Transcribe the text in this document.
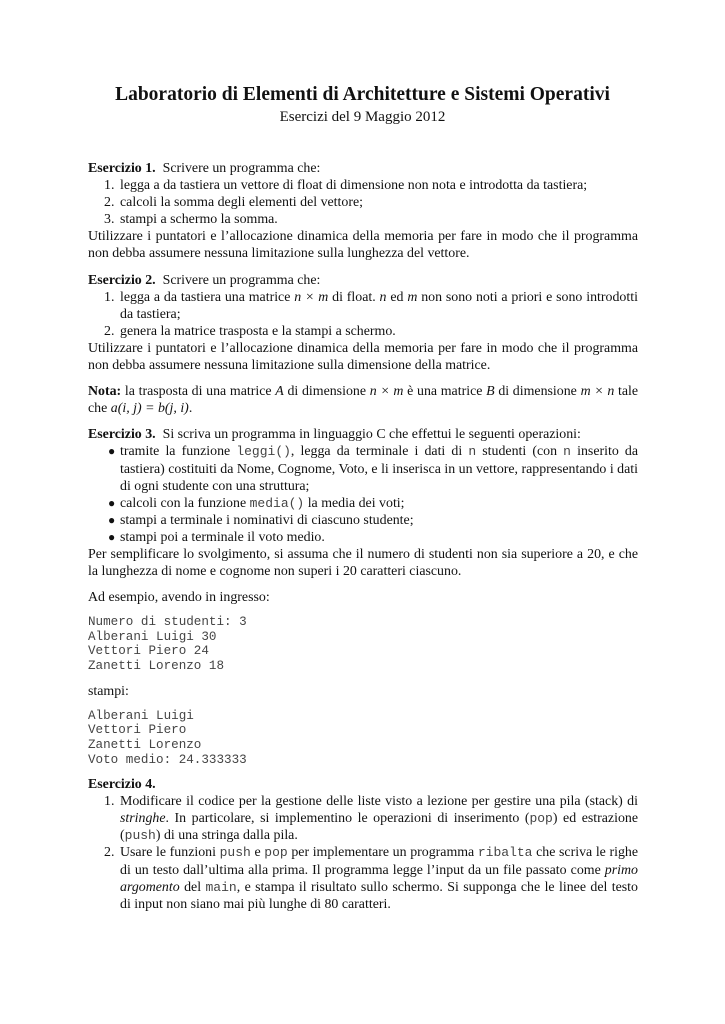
Laboratorio di Elementi di Architetture e Sistemi Operativi
Esercizi del 9 Maggio 2012
Esercizio 1. Scrivere un programma che:
1. legga a da tastiera un vettore di float di dimensione non nota e introdotta da tastiera;
2. calcoli la somma degli elementi del vettore;
3. stampi a schermo la somma.
Utilizzare i puntatori e l’allocazione dinamica della memoria per fare in modo che il programma non debba assumere nessuna limitazione sulla lunghezza del vettore.
Esercizio 2. Scrivere un programma che:
1. legga a da tastiera una matrice n × m di float. n ed m non sono noti a priori e sono introdotti da tastiera;
2. genera la matrice trasposta e la stampi a schermo.
Utilizzare i puntatori e l’allocazione dinamica della memoria per fare in modo che il programma non debba assumere nessuna limitazione sulla dimensione della matrice.
Nota: la trasposta di una matrice A di dimensione n × m è una matrice B di dimensione m × n tale che a(i, j) = b(j, i).
Esercizio 3. Si scriva un programma in linguaggio C che effettui le seguenti operazioni:
● tramite la funzione leggi(), legga da terminale i dati di n studenti (con n inserito da tastiera) costituiti da Nome, Cognome, Voto, e li inserisca in un vettore, rappresentando i dati di ogni studente con una struttura;
● calcoli con la funzione media() la media dei voti;
● stampi a terminale i nominativi di ciascuno studente;
● stampi poi a terminale il voto medio.
Per semplificare lo svolgimento, si assuma che il numero di studenti non sia superiore a 20, e che la lunghezza di nome e cognome non superi i 20 caratteri ciascuno.
Ad esempio, avendo in ingresso:
Numero di studenti: 3
Alberani Luigi 30
Vettori Piero 24
Zanetti Lorenzo 18
stampi:
Alberani Luigi
Vettori Piero
Zanetti Lorenzo
Voto medio: 24.333333
Esercizio 4.
1. Modificare il codice per la gestione delle liste visto a lezione per gestire una pila (stack) di stringhe. In particolare, si implementino le operazioni di inserimento (pop) ed estrazione (push) di una stringa dalla pila.
2. Usare le funzioni push e pop per implementare un programma ribalta che scriva le righe di un testo dall’ultima alla prima. Il programma legge l’input da un file passato come primo argomento del main, e stampa il risultato sullo schermo. Si supponga che le linee del testo di input non siano mai più lunghe di 80 caratteri.
